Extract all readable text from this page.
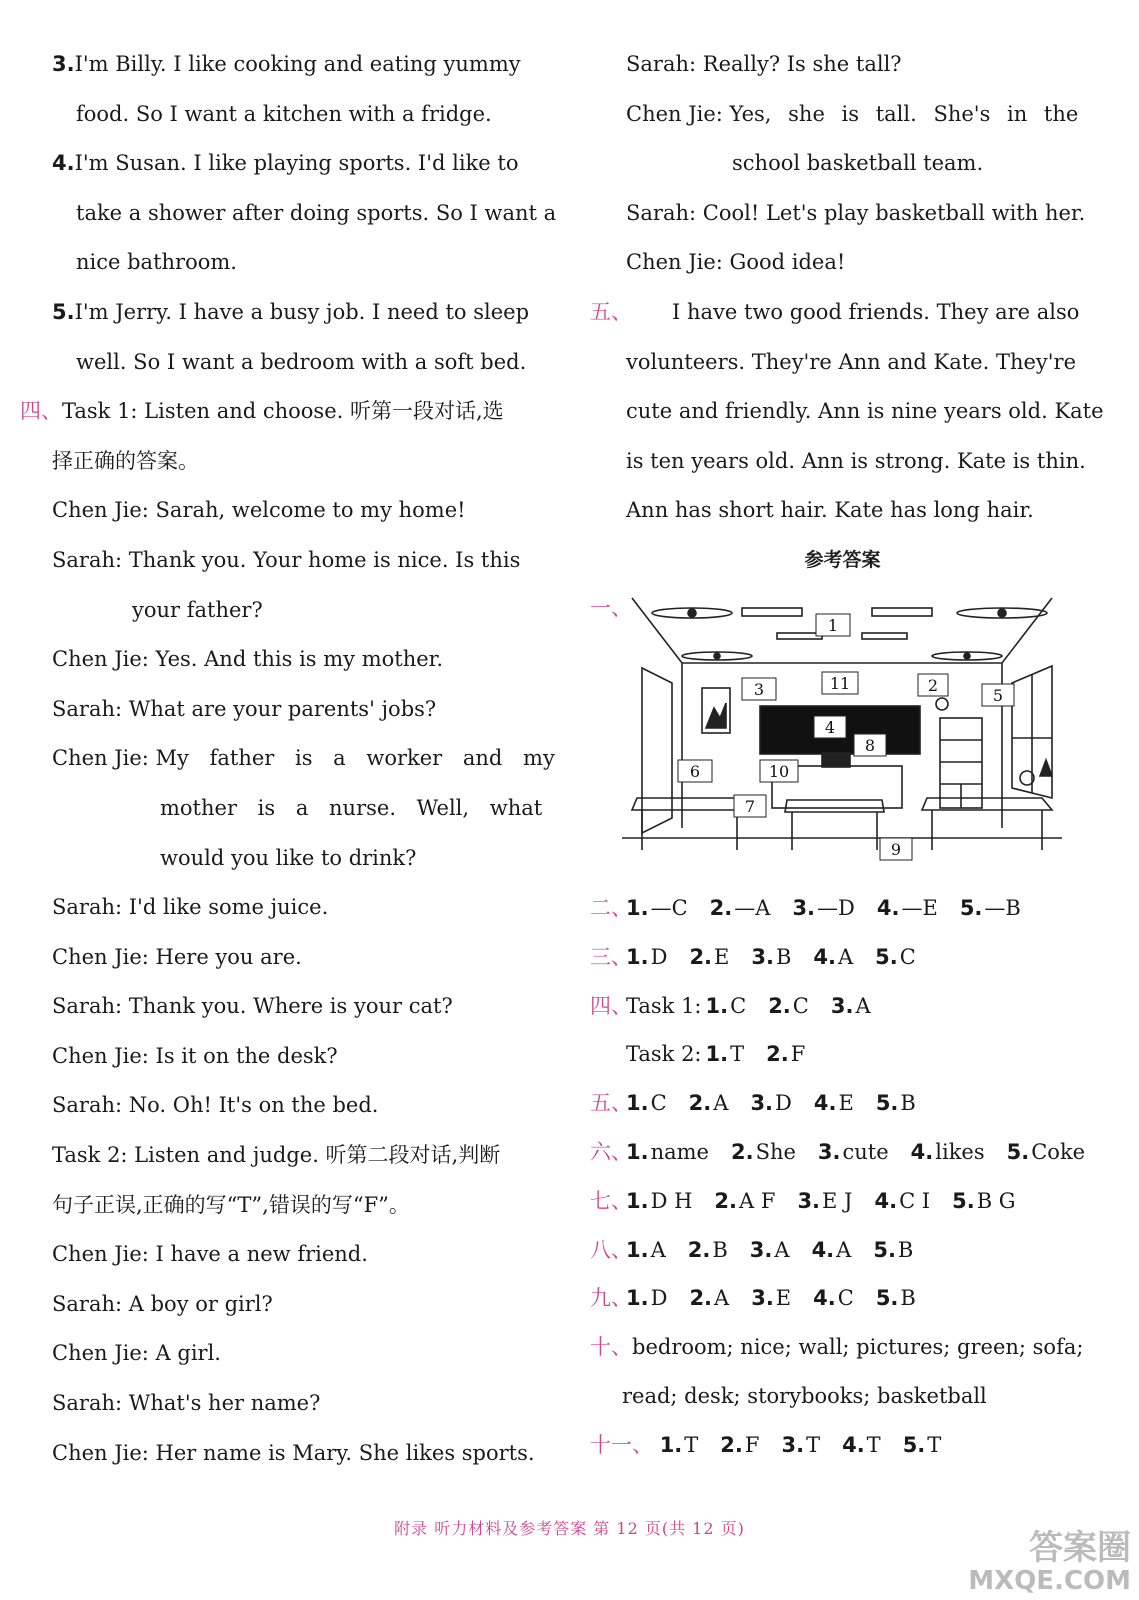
3.I'm Billy. I like cooking and eating yummy
food. So I want a kitchen with a fridge.
4.I'm Susan. I like playing sports. I'd like to
take a shower after doing sports. So I want a
nice bathroom.
5.I'm Jerry. I have a busy job. I need to sleep
well. So I want a bedroom with a soft bed.
四、Task 1: Listen and choose. 听第一段对话,选
择正确的答案。
Chen Jie: Sarah, welcome to my home!
Sarah: Thank you. Your home is nice. Is this
your father?
Chen Jie: Yes. And this is my mother.
Sarah: What are your parents' jobs?
Chen Jie: My father is a worker and my
mother is a nurse. Well, what
would you like to drink?
Sarah: I'd like some juice.
Chen Jie: Here you are.
Sarah: Thank you. Where is your cat?
Chen Jie: Is it on the desk?
Sarah: No. Oh! It's on the bed.
Task 2: Listen and judge. 听第二段对话,判断
句子正误,正确的写“T”,错误的写“F”。
Chen Jie: I have a new friend.
Sarah: A boy or girl?
Chen Jie: A girl.
Sarah: What's her name?
Chen Jie: Her name is Mary. She likes sports.
Sarah: Really? Is she tall?
Chen Jie: Yes, she is tall. She's in the
school basketball team.
Sarah: Cool! Let's play basketball with her.
Chen Jie: Good idea!
五、 I have two good friends. They are also
volunteers. They're Ann and Kate. They're
cute and friendly. Ann is nine years old. Kate
is ten years old. Ann is strong. Kate is thin.
Ann has short hair. Kate has long hair.
参考答案
一、
1
2
3
4
5
6
7
8
9
10
11
二、1.—C 2.—A 3.—D 4.—E 5.—B
三、1.D 2.E 3.B 4.A 5.C
四、Task 1: 1.C 2.C 3.A
Task 2: 1.T 2.F
五、1.C 2.A 3.D 4.E 5.B
六、1.name 2.She 3.cute 4.likes 5.Coke
七、1.D H 2.A F 3.E J 4.C I 5.B G
八、1.A 2.B 3.A 4.A 5.B
九、1.D 2.A 3.E 4.C 5.B
十、bedroom; nice; wall; pictures; green; sofa;
read; desk; storybooks; basketball
十一、 1.T 2.F 3.T 4.T 5.T
附录 听力材料及参考答案 第 12 页(共 12 页)	答案圈
MXQE.COM
